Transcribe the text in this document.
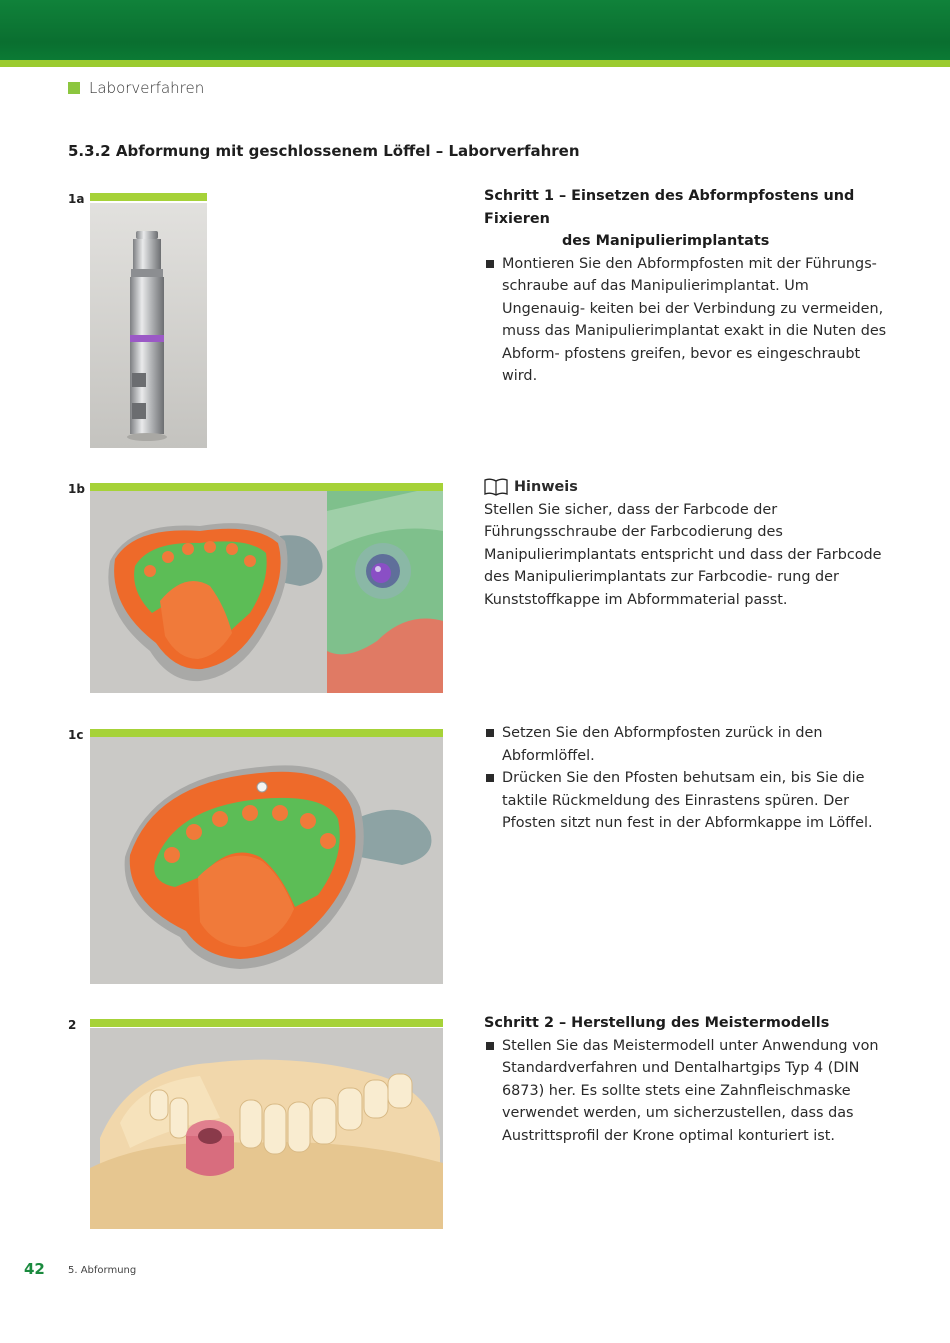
Laborverfahren
5.3.2 Abformung mit geschlossenem Löffel – Laborverfahren
1a	Schritt 1 – Einsetzen des Abformpfostens und Fixieren
des Manipulierimplantats
Montieren Sie den Abformpfosten mit der Führungs- schraube auf das Manipulierimplantat. Um Ungenauig- keiten bei der Verbindung zu vermeiden, muss das Manipulierimplantat exakt in die Nuten des Abform- pfostens greifen, bevor es eingeschraubt wird.
1b	Hinweis
Stellen Sie sicher, dass der Farbcode der Führungsschraube der Farbcodierung des Manipulierimplantats entspricht und dass der Farbcode des Manipulierimplantats zur Farbcodie- rung der Kunststoffkappe im Abformmaterial passt.
1c	Setzen Sie den Abformpfosten zurück in den Abformlöffel.
Drücken Sie den Pfosten behutsam ein, bis Sie die taktile Rückmeldung des Einrastens spüren. Der Pfosten sitzt nun fest in der Abformkappe im Löffel.
2	Schritt 2 – Herstellung des Meistermodells
Stellen Sie das Meistermodell unter Anwendung von Standardverfahren und Dentalhartgips Typ 4 (DIN 6873) her. Es sollte stets eine Zahnfleischmaske verwendet werden, um sicherzustellen, dass das Austrittsprofil der Krone optimal konturiert ist.
42 5. Abformung
